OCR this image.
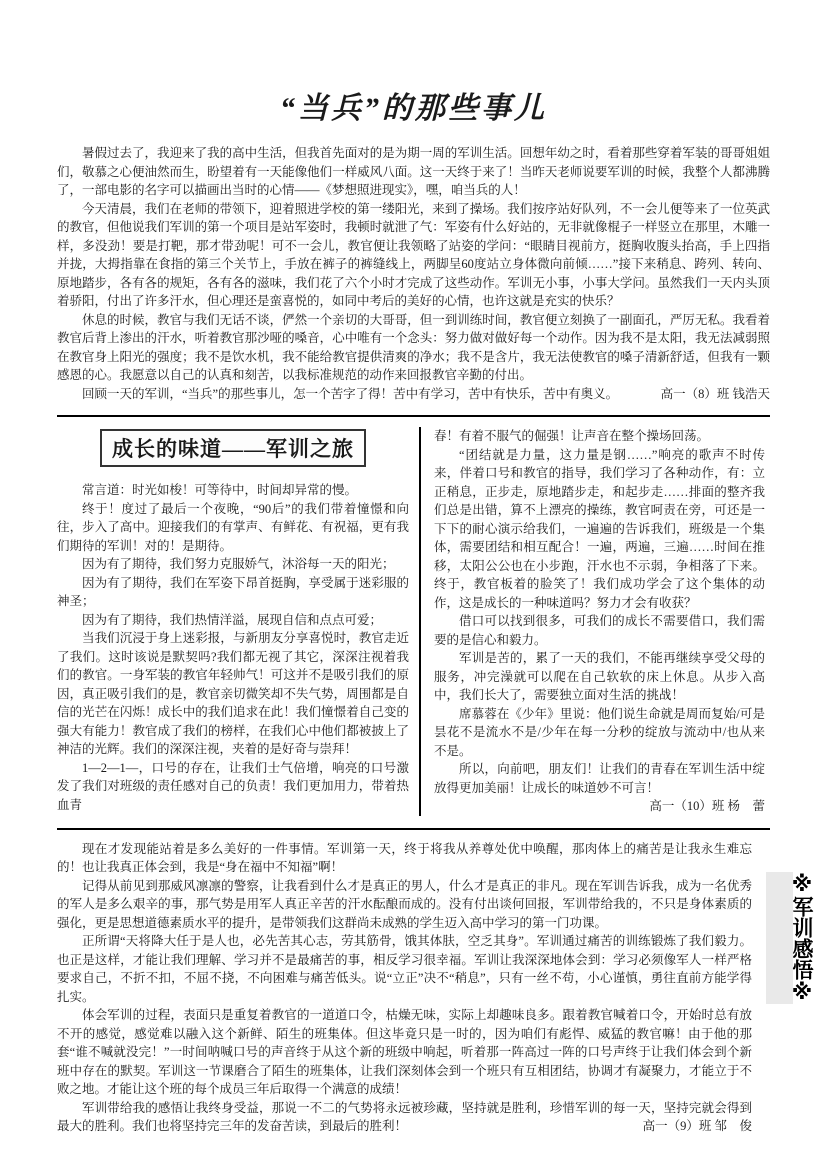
“当兵”的那些事儿

暑假过去了，我迎来了我的高中生活，但我首先面对的是为期一周的军训生活。回想年幼之时，看着那些穿着军装的哥哥姐姐们，敬慕之心便油然而生，盼望着有一天能像他们一样威风八面。这一天终于来了！当昨天老师说要军训的时候，我整个人都沸腾了，一部电影的名字可以描画出当时的心情——《梦想照进现实》，嘿，咱当兵的人！

今天清晨，我们在老师的带领下，迎着照进学校的第一缕阳光，来到了操场。我们按序站好队列，不一会儿便等来了一位英武的教官，但他说我们军训的第一个项目是站军姿时，我顿时就泄了气：军姿有什么好站的，无非就像棍子一样竖立在那里，木雕一样，多没劲！要是打靶，那才带劲呢！可不一会儿，教官便让我领略了站姿的学问：“眼睛目视前方，挺胸收腹头抬高，手上四指并拢，大拇指靠在食指的第三个关节上，手放在裤子的裤缝线上，两脚呈60度站立身体微向前倾……”接下来稍息、跨列、转向、原地踏步，各有各的规矩，各有各的滋味，我们花了六个小时才完成了这些动作。军训无小事，小事大学问。虽然我们一天内头顶着骄阳，付出了许多汗水，但心理还是蛮喜悦的，如同中考后的美好的心情，也许这就是充实的快乐？

休息的时候，教官与我们无话不谈，俨然一个亲切的大哥哥，但一到训练时间，教官便立刻换了一副面孔，严厉无私。我看着教官后背上渗出的汗水，听着教官那沙哑的嗓音，心中唯有一个念头：努力做对做好每一个动作。因为我不是太阳，我无法减弱照在教官身上阳光的强度；我不是饮水机，我不能给教官提供清爽的净水；我不是含片，我无法使教官的嗓子清新舒适，但我有一颗感恩的心。我愿意以自己的认真和刻苦，以我标准规范的动作来回报教官辛勤的付出。

回顾一天的军训，“当兵”的那些事儿，怎一个苦字了得！苦中有学习，苦中有快乐，苦中有奥义。	高一（8）班 钱浩天

成长的味道——军训之旅

常言道：时光如梭！可等待中，时间却异常的慢。

终于！度过了最后一个夜晚，“90后”的我们带着憧憬和向往，步入了高中。迎接我们的有掌声、有鲜花、有祝福，更有我们期待的军训！对的！是期待。

因为有了期待，我们努力克服娇气，沐浴每一天的阳光；

因为有了期待，我们在军姿下昂首挺胸，享受属于迷彩服的神圣；

因为有了期待，我们热情洋溢，展现自信和点点可爱；

当我们沉浸于身上迷彩报，与新朋友分享喜悦时，教官走近了我们。这时该说是默契吗?我们都无视了其它，深深注视着我们的教官。一身军装的教官年轻帅气！可这并不是吸引我们的原因，真正吸引我们的是，教官亲切微笑却不失气势，周围都是自信的光芒在闪烁！成长中的我们追求在此！我们憧憬着自己变的强大有能力！教官成了我们的榜样，在我们心中他们都被披上了神洁的光辉。我们的深深注视，夹着的是好奇与崇拜！

1—2—1—，口号的存在，让我们士气倍增，响亮的口号激发了我们对班级的责任感对自己的负责！我们更加用力，带着热血青

春！有着不服气的倔强！让声音在整个操场回荡。

“团结就是力量，这力量是钢……”响亮的歌声不时传来，伴着口号和教官的指导，我们学习了各种动作，有：立正稍息，正步走，原地踏步走，和起步走……排面的整齐我们总是出错，算不上漂亮的操练，教官呵责在旁，可还是一下下的耐心演示给我们，一遍遍的告诉我们，班级是一个集体，需要团结和相互配合！一遍，两遍，三遍……时间在推移，太阳公公也在小步跑，汗水也不示弱，争相落了下来。终于，教官板着的脸笑了！我们成功学会了这个集体的动作，这是成长的一种味道吗？努力才会有收获？

借口可以找到很多，可我们的成长不需要借口，我们需要的是信心和毅力。

军训是苦的，累了一天的我们，不能再继续享受父母的服务，冲完澡就可以爬在自己软软的床上休息。从步入高中，我们长大了，需要独立面对生活的挑战！

席慕蓉在《少年》里说：他们说生命就是周而复始/可是昙花不是流水不是/少年在每一分秒的绽放与流动中/也从来不是。

所以，向前吧，朋友们！让我们的青春在军训生活中绽放得更加美丽！让成长的味道妙不可言！
高一（10）班 杨　蕾

现在才发现能站着是多么美好的一件事情。军训第一天，终于将我从养尊处优中唤醒，那肉体上的痛苦是让我永生难忘的！也让我真正体会到，我是“身在福中不知福”啊！

记得从前见到那威风凛凛的警察，让我看到什么才是真正的男人，什么才是真正的非凡。现在军训告诉我，成为一名优秀的军人是多么艰辛的事，那气势是用军人真正辛苦的汗水酝酿而成的。没有付出谈何回报，军训带给我的，不只是身体素质的强化，更是思想道德素质水平的提升，是带领我们这群尚未成熟的学生迈入高中学习的第一门功课。

正所谓“天将降大任于是人也，必先苦其心志，劳其筋骨，饿其体肤，空乏其身”。军训通过痛苦的训练锻炼了我们毅力。也正是这样，才能让我们理解、学习并不是最痛苦的事，相反学习很幸福。军训让我深深地体会到：学习必须像军人一样严格要求自己，不折不扣，不屈不挠，不向困难与痛苦低头。说“立正”决不“稍息”，只有一丝不苟，小心谨慎，勇往直前方能学得扎实。

体会军训的过程，表面只是重复着教官的一道道口令，枯燥无味，实际上却趣味良多。跟着教官喊着口令，开始时总有放不开的感觉，感觉难以融入这个新鲜、陌生的班集体。但这毕竟只是一时的，因为咱们有彪悍、威猛的教官嘛！由于他的那套“谁不喊就没完！”一时间呐喊口号的声音终于从这个新的班级中响起，听着那一阵高过一阵的口号声终于让我们体会到个新班中存在的默契。军训这一节课磨合了陌生的班集体，让我们深刻体会到一个班只有互相团结，协调才有凝聚力，才能立于不败之地。才能让这个班的每个成员三年后取得一个满意的成绩！

军训带给我的感悟让我终身受益，那说一不二的气势将永远被珍藏，坚持就是胜利，珍惜军训的每一天，坚持完就会得到最大的胜利。我们也将坚持完三年的发奋苦读，到最后的胜利！	高一（9）班 邹　俊

※军训感悟※
